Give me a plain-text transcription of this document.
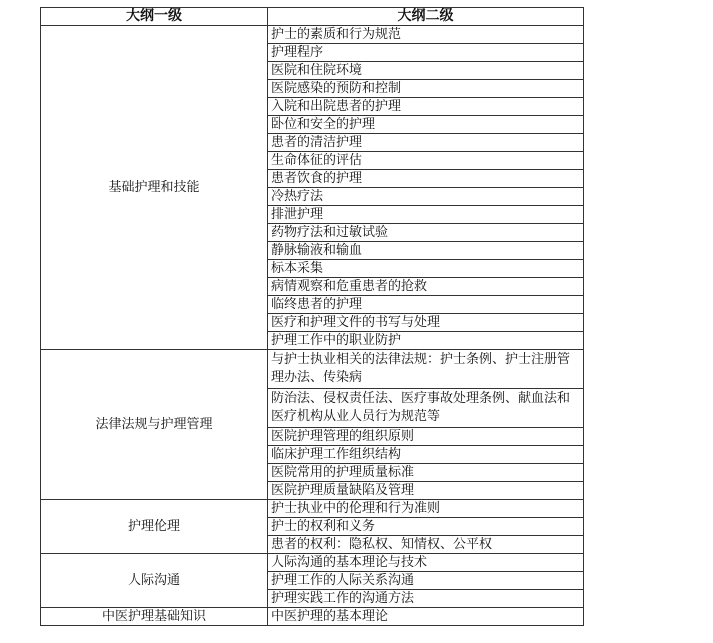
大纲一级	大纲二级
基础护理和技能	护士的素质和行为规范
	护理程序
	医院和住院环境
	医院感染的预防和控制
	入院和出院患者的护理
	卧位和安全的护理
	患者的清洁护理
	生命体征的评估
	患者饮食的护理
	冷热疗法
	排泄护理
	药物疗法和过敏试验
	静脉输液和输血
	标本采集
	病情观察和危重患者的抢救
	临终患者的护理
	医疗和护理文件的书写与处理
	护理工作中的职业防护
法律法规与护理管理	与护士执业相关的法律法规：护士条例、护士注册管理办法、传染病
	防治法、侵权责任法、医疗事故处理条例、献血法和医疗机构从业人员行为规范等
	医院护理管理的组织原则
	临床护理工作组织结构
	医院常用的护理质量标准
	医院护理质量缺陷及管理
护理伦理	护士执业中的伦理和行为准则
	护士的权利和义务
	患者的权利：隐私权、知情权、公平权
人际沟通	人际沟通的基本理论与技术
	护理工作的人际关系沟通
	护理实践工作的沟通方法
中医护理基础知识	中医护理的基本理论
